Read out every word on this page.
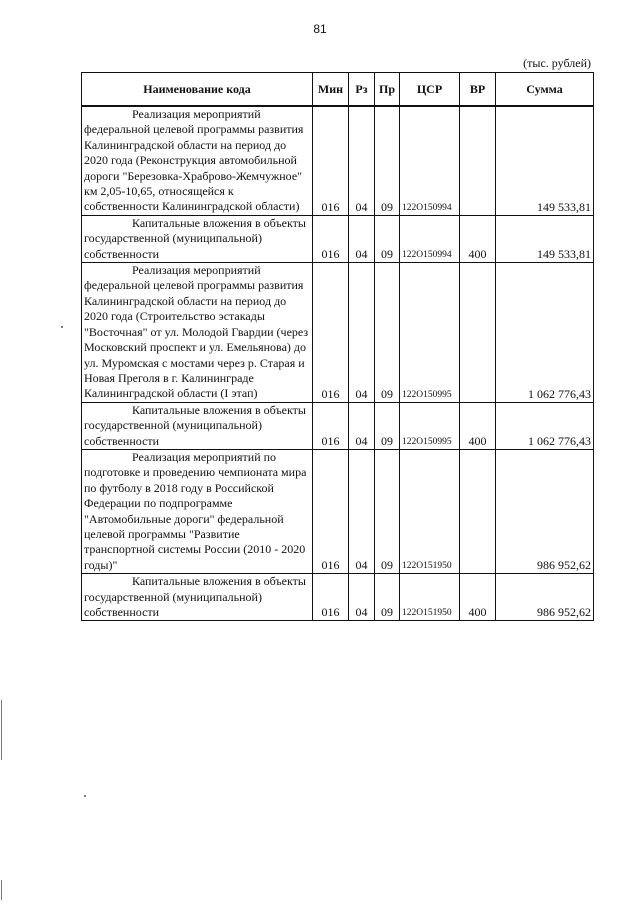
81
(тыс. рублей)
Наименование кода	Мин	Рз	Пр	ЦСР	ВР	Сумма

Реализация мероприятий федеральной целевой программы развития Калининградской области на период до 2020 года (Реконструкция автомобильной дороги "Березовка-Храброво-Жемчужное" км 2,05-10,65, относящейся к собственности Калининградской области)	016	04	09	122O150994		149 533,81

Капитальные вложения в объекты государственной (муниципальной) собственности	016	04	09	122O150994	400	149 533,81

Реализация мероприятий федеральной целевой программы развития Калининградской области на период до 2020 года (Строительство эстакады "Восточная" от ул. Молодой Гвардии (через Московский проспект и ул. Емельянова) до ул. Муромская с мостами через р. Старая и Новая Преголя в г. Калининграде Калининградской области (I этап)	016	04	09	122O150995		1 062 776,43

Капитальные вложения в объекты государственной (муниципальной) собственности	016	04	09	122O150995	400	1 062 776,43

Реализация мероприятий по подготовке и проведению чемпионата мира по футболу в 2018 году в Российской Федерации по подпрограмме "Автомобильные дороги" федеральной целевой программы "Развитие транспортной системы России (2010 - 2020 годы)"	016	04	09	122O151950		986 952,62

Капитальные вложения в объекты государственной (муниципальной) собственности	016	04	09	122O151950	400	986 952,62
